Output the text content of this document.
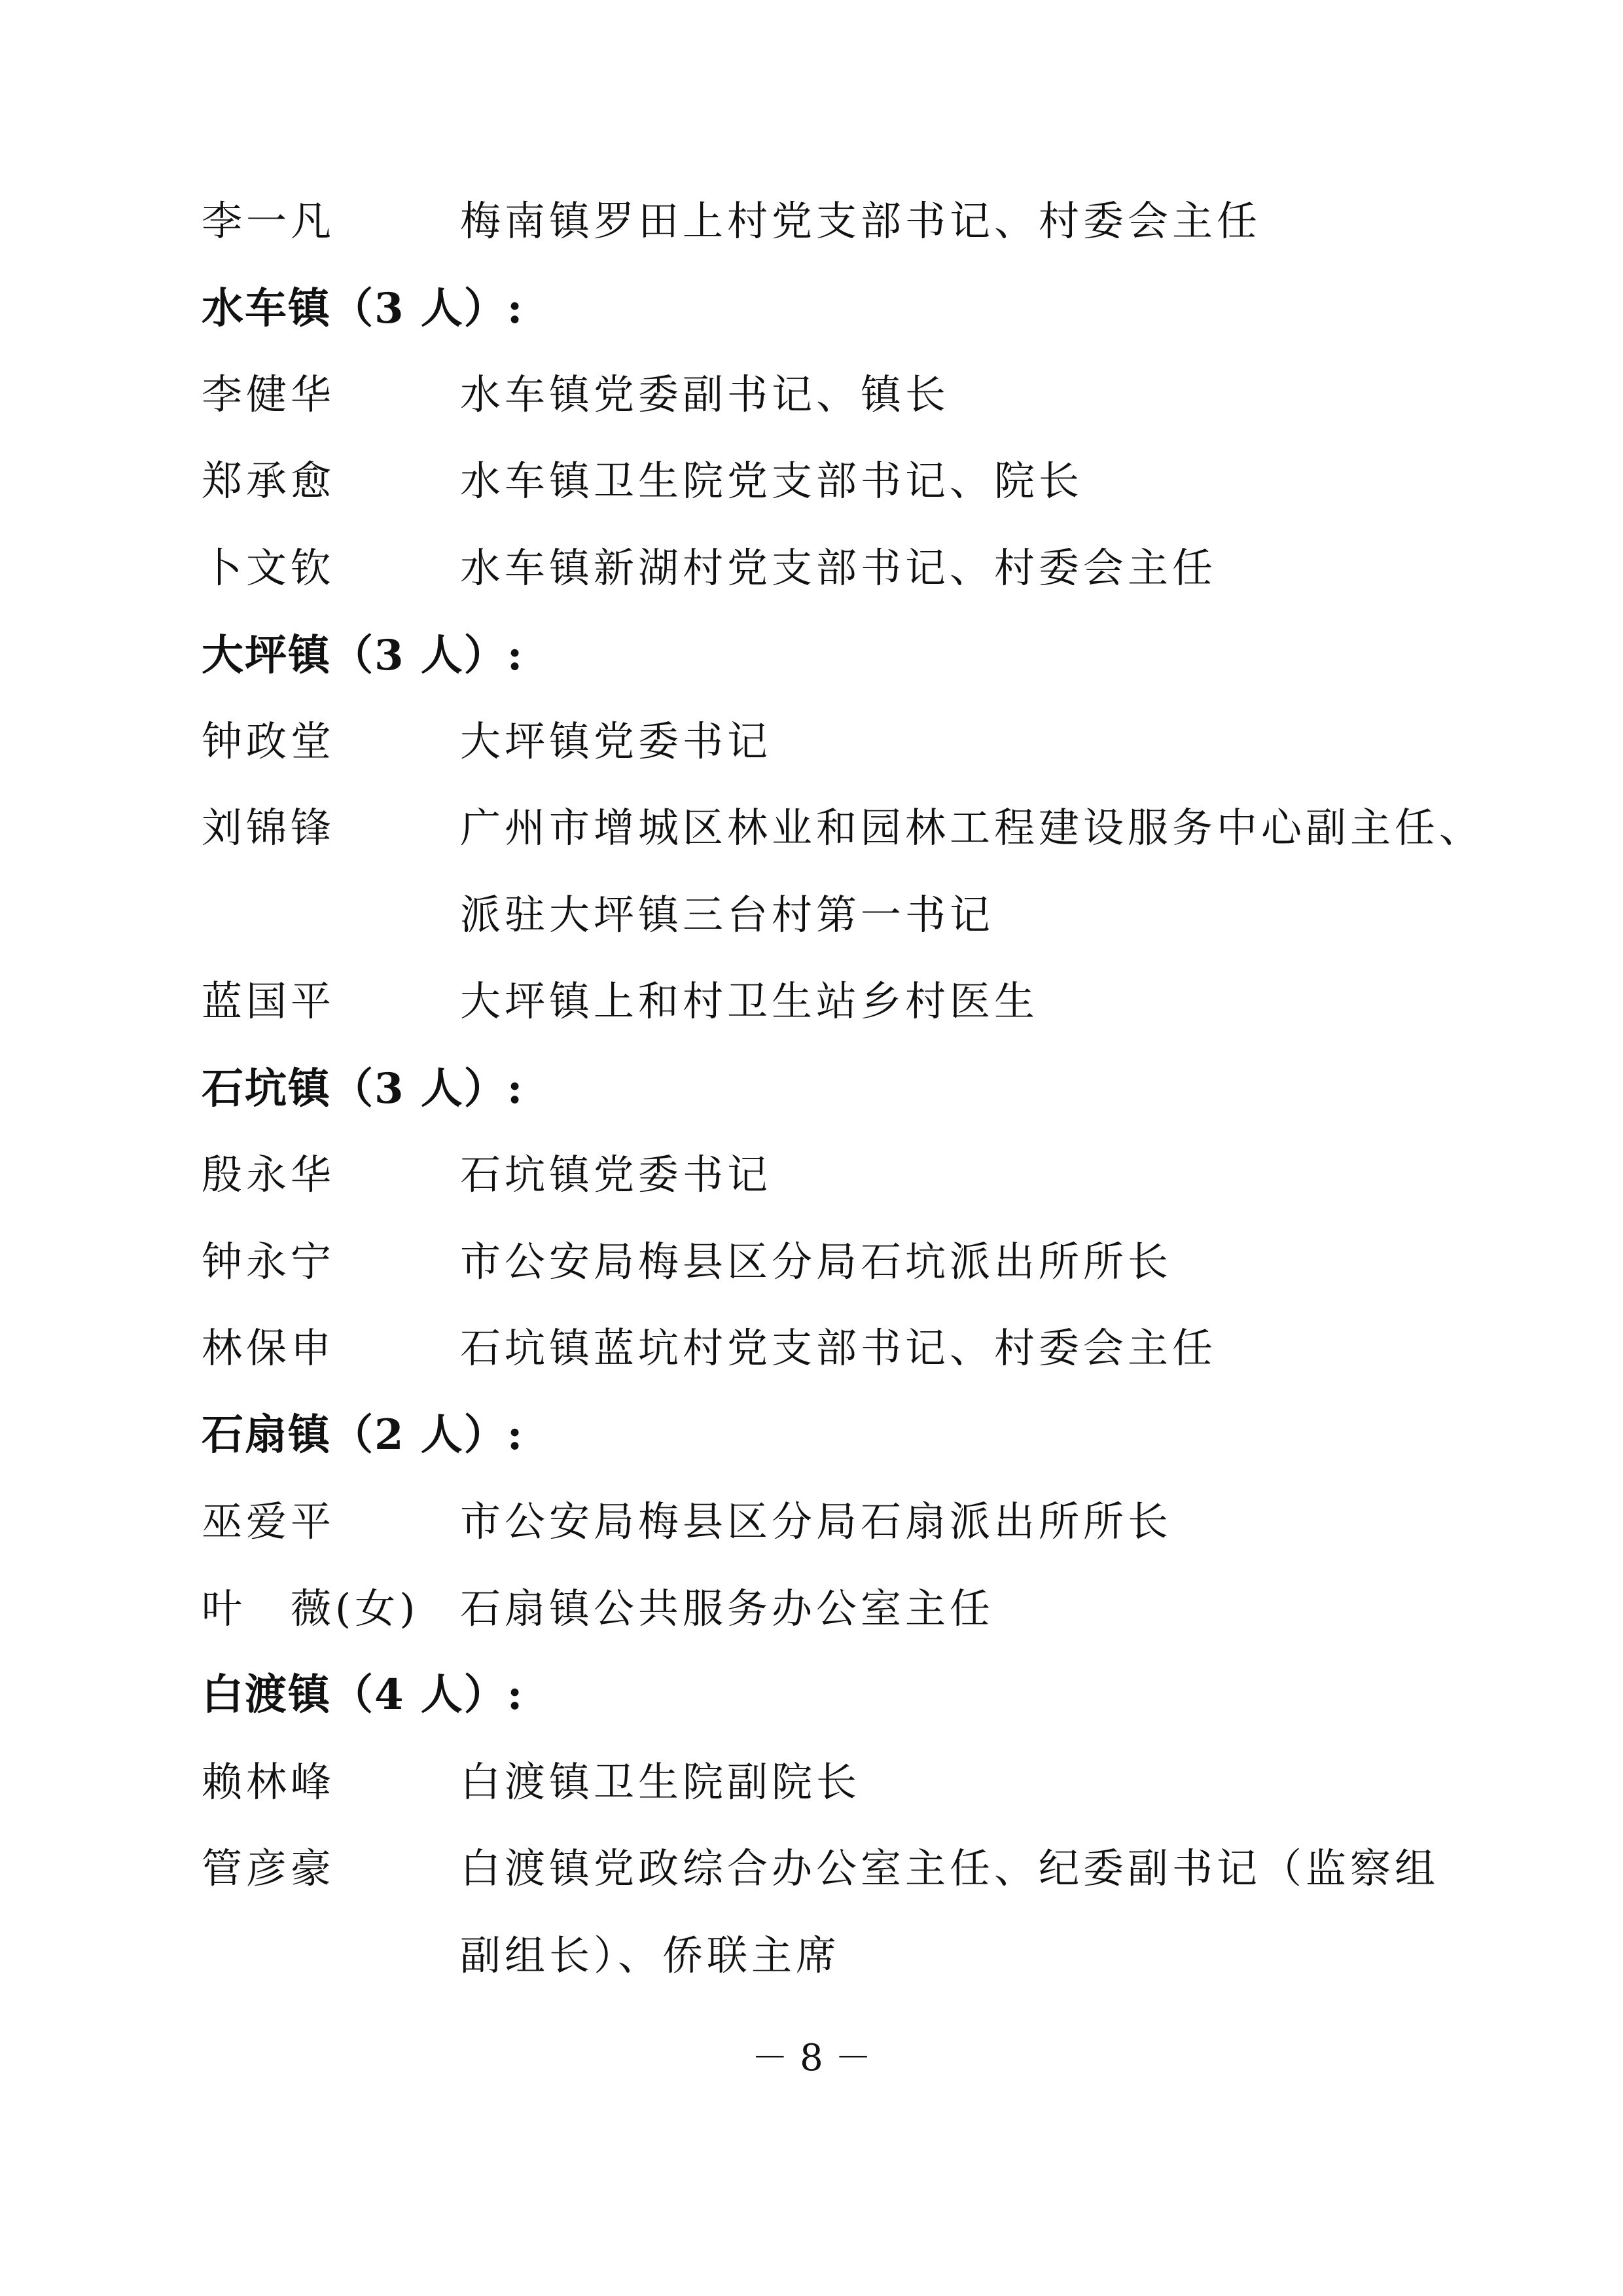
李一凡	梅南镇罗田上村党支部书记、村委会主任
水车镇（3 人）:
李健华	水车镇党委副书记、镇长
郑承愈	水车镇卫生院党支部书记、院长
卜文钦	水车镇新湖村党支部书记、村委会主任
大坪镇（3 人）:
钟政堂	大坪镇党委书记
刘锦锋	广州市增城区林业和园林工程建设服务中心副主任、
派驻大坪镇三台村第一书记
蓝国平	大坪镇上和村卫生站乡村医生
石坑镇（3 人）:
殷永华	石坑镇党委书记
钟永宁	市公安局梅县区分局石坑派出所所长
林保申	石坑镇蓝坑村党支部书记、村委会主任
石扇镇（2 人）:
巫爱平	市公安局梅县区分局石扇派出所所长
叶　薇(女) 石扇镇公共服务办公室主任
白渡镇（4 人）:
赖林峰	白渡镇卫生院副院长
管彦豪	白渡镇党政综合办公室主任、纪委副书记（监察组
副组长）、侨联主席
－ 8 －
